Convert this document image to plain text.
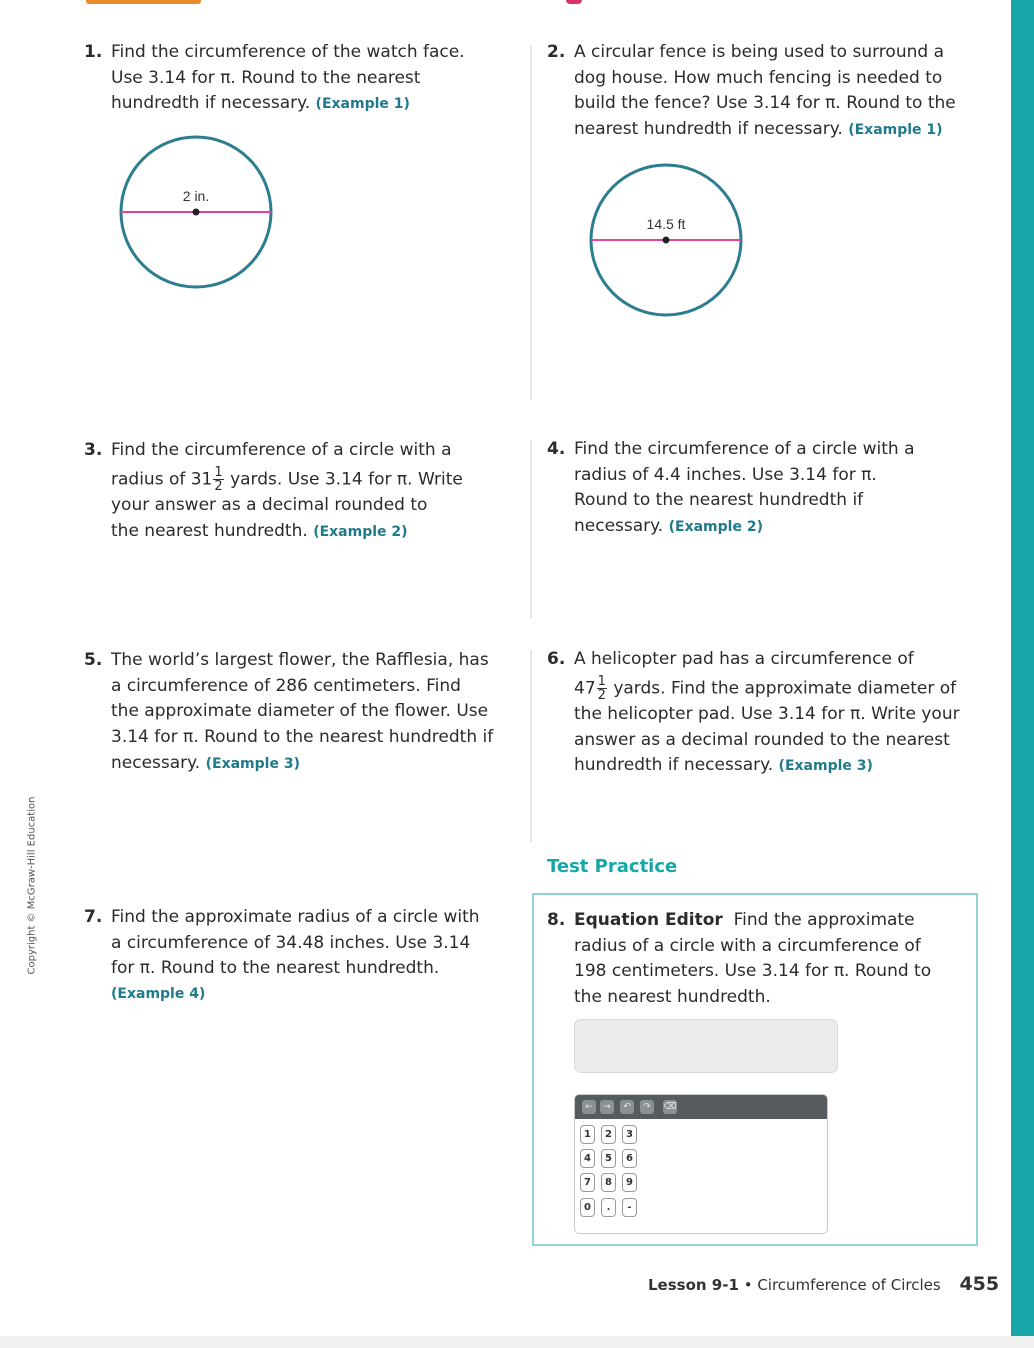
Copyright © McGraw-Hill Education
1. Find the circumference of the watch face.
Use 3.14 for π. Round to the nearest
hundredth if necessary. (Example 1)
2 in.
2. A circular fence is being used to surround a
dog house. How much fencing is needed to
build the fence? Use 3.14 for π. Round to the
nearest hundredth if necessary. (Example 1)
14.5 ft
3. Find the circumference of a circle with a
radius of $31 \frac{1}{2}$ yards. Use 3.14 for π. Write
your answer as a decimal rounded to
the nearest hundredth. (Example 2)
4. Find the circumference of a circle with a
radius of 4.4 inches. Use 3.14 for π.
Round to the nearest hundredth if
necessary. (Example 2)
5. The world’s largest flower, the Rafflesia, has
a circumference of 286 centimeters. Find
the approximate diameter of the flower. Use
3.14 for π. Round to the nearest hundredth if
necessary. (Example 3)
6. A helicopter pad has a circumference of
$47 \frac{1}{2}$ yards. Find the approximate diameter of
the helicopter pad. Use 3.14 for π. Write your
answer as a decimal rounded to the nearest
hundredth if necessary. (Example 3)
Test Practice
7. Find the approximate radius of a circle with
a circumference of 34.48 inches. Use 3.14
for π. Round to the nearest hundredth.
(Example 4)
8. Equation Editor Find the approximate
radius of a circle with a circumference of
198 centimeters. Use 3.14 for π. Round to
the nearest hundredth.
←	→	↶	↷	⌫
1	2	3
4	5	6
7	8	9
0	.	-
Lesson 9-1 • Circumference of Circles 455
